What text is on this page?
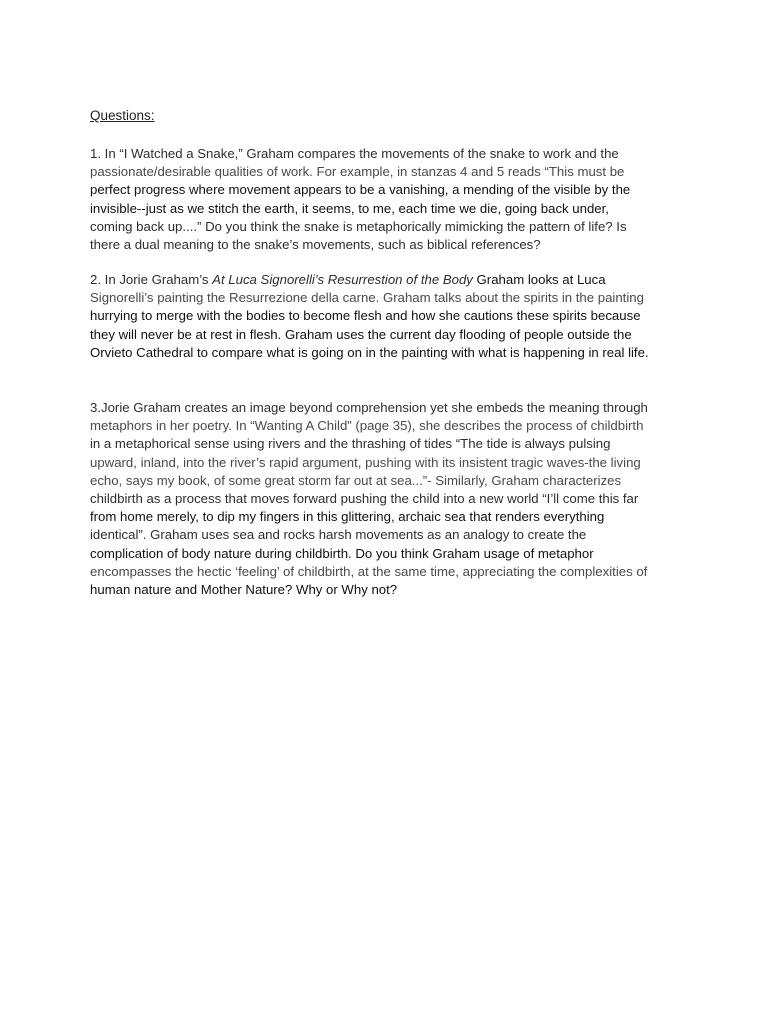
Questions:
1. In “I Watched a Snake,” Graham compares the movements of the snake to work and the
passionate/desirable qualities of work. For example, in stanzas 4 and 5 reads “This must be
perfect progress where movement appears to be a vanishing, a mending of the visible by the
invisible--just as we stitch the earth, it seems, to me, each time we die, going back under,
coming back up....” Do you think the snake is metaphorically mimicking the pattern of life? Is
there a dual meaning to the snake’s movements, such as biblical references?
2. In Jorie Graham’s At Luca Signorelli’s Resurrestion of the Body Graham looks at Luca
Signorelli’s painting the Resurrezione della carne. Graham talks about the spirits in the painting
hurrying to merge with the bodies to become flesh and how she cautions these spirits because
they will never be at rest in flesh. Graham uses the current day flooding of people outside the
Orvieto Cathedral to compare what is going on in the painting with what is happening in real life.
3.Jorie Graham creates an image beyond comprehension yet she embeds the meaning through
metaphors in her poetry. In “Wanting A Child” (page 35), she describes the process of childbirth
in a metaphorical sense using rivers and the thrashing of tides “The tide is always pulsing
upward, inland, into the river’s rapid argument, pushing with its insistent tragic waves-the living
echo, says my book, of some great storm far out at sea...”- Similarly, Graham characterizes
childbirth as a process that moves forward pushing the child into a new world “I’ll come this far
from home merely, to dip my fingers in this glittering, archaic sea that renders everything
identical”. Graham uses sea and rocks harsh movements as an analogy to create the
complication of body nature during childbirth. Do you think Graham usage of metaphor
encompasses the hectic ‘feeling’ of childbirth, at the same time, appreciating the complexities of
human nature and Mother Nature? Why or Why not?
